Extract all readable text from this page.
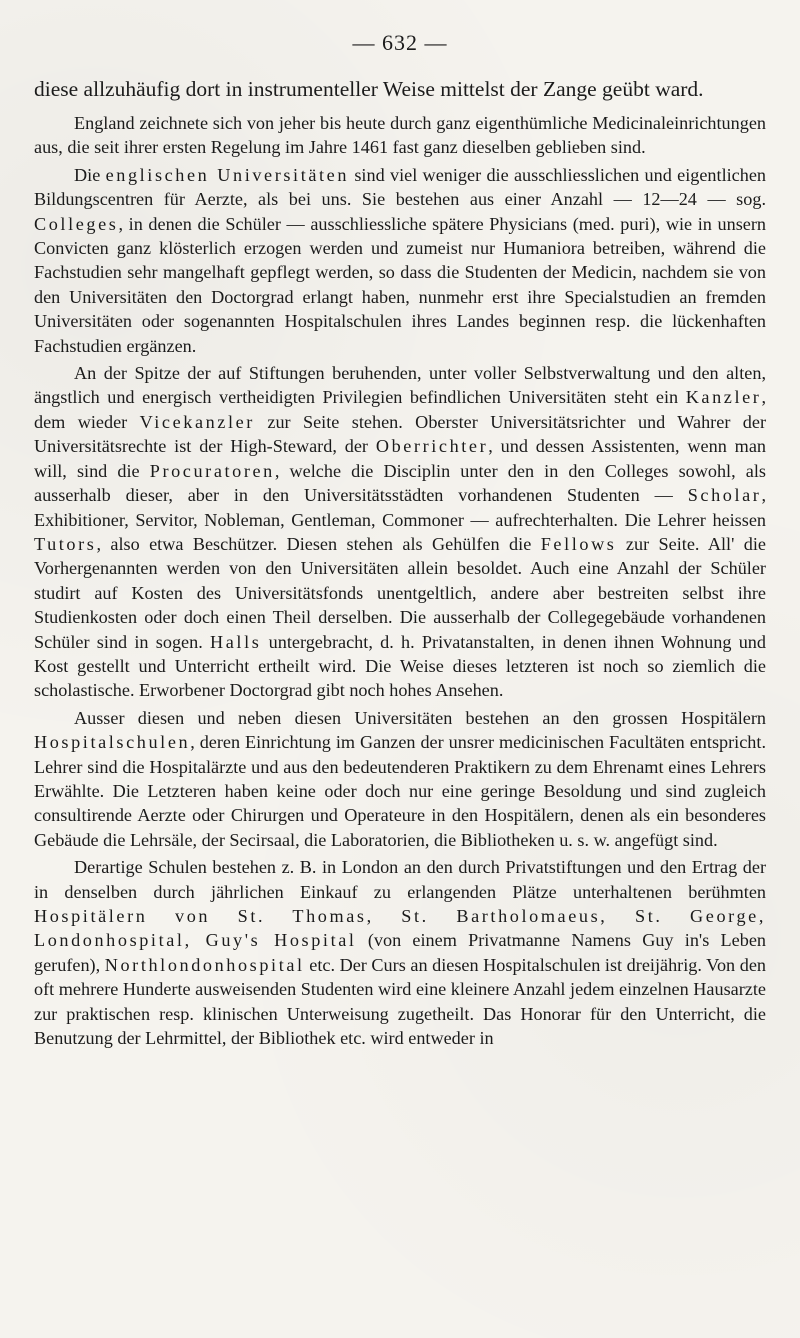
— 632 —

diese allzuhäufig dort in instrumenteller Weise mittelst der Zange geübt ward.

England zeichnete sich von jeher bis heute durch ganz eigenthümliche Medicinaleinrichtungen aus, die seit ihrer ersten Regelung im Jahre 1461 fast ganz dieselben geblieben sind.

Die englischen Universitäten sind viel weniger die ausschliesslichen und eigentlichen Bildungscentren für Aerzte, als bei uns. Sie bestehen aus einer Anzahl — 12—24 — sog. Colleges, in denen die Schüler — ausschliessliche spätere Physicians (med. puri), wie in unsern Convicten ganz klösterlich erzogen werden und zumeist nur Humaniora betreiben, während die Fachstudien sehr mangelhaft gepflegt werden, so dass die Studenten der Medicin, nachdem sie von den Universitäten den Doctorgrad erlangt haben, nunmehr erst ihre Specialstudien an fremden Universitäten oder sogenannten Hospitalschulen ihres Landes beginnen resp. die lückenhaften Fachstudien ergänzen.

An der Spitze der auf Stiftungen beruhenden, unter voller Selbstverwaltung und den alten, ängstlich und energisch vertheidigten Privilegien befindlichen Universitäten steht ein Kanzler, dem wieder Vicekanzler zur Seite stehen. Oberster Universitätsrichter und Wahrer der Universitätsrechte ist der High-Steward, der Oberrichter, und dessen Assistenten, wenn man will, sind die Procuratoren, welche die Disciplin unter den in den Colleges sowohl, als ausserhalb dieser, aber in den Universitätsstädten vorhandenen Studenten — Scholar, Exhibitioner, Servitor, Nobleman, Gentleman, Commoner — aufrechterhalten. Die Lehrer heissen Tutors, also etwa Beschützer. Diesen stehen als Gehülfen die Fellows zur Seite. All' die Vorhergenannten werden von den Universitäten allein besoldet. Auch eine Anzahl der Schüler studirt auf Kosten des Universitätsfonds unentgeltlich, andere aber bestreiten selbst ihre Studienkosten oder doch einen Theil derselben. Die ausserhalb der Collegegebäude vorhandenen Schüler sind in sogen. Halls untergebracht, d. h. Privatanstalten, in denen ihnen Wohnung und Kost gestellt und Unterricht ertheilt wird. Die Weise dieses letzteren ist noch so ziemlich die scholastische. Erworbener Doctorgrad gibt noch hohes Ansehen.

Ausser diesen und neben diesen Universitäten bestehen an den grossen Hospitälern Hospitalschulen, deren Einrichtung im Ganzen der unsrer medicinischen Facultäten entspricht. Lehrer sind die Hospitalärzte und aus den bedeutenderen Praktikern zu dem Ehrenamt eines Lehrers Erwählte. Die Letzteren haben keine oder doch nur eine geringe Besoldung und sind zugleich consultirende Aerzte oder Chirurgen und Operateure in den Hospitälern, denen als ein besonderes Gebäude die Lehrsäle, der Secirsaal, die Laboratorien, die Bibliotheken u. s. w. angefügt sind.

Derartige Schulen bestehen z. B. in London an den durch Privatstiftungen und den Ertrag der in denselben durch jährlichen Einkauf zu erlangenden Plätze unterhaltenen berühmten Hospitälern von St. Thomas, St. Bartholomaeus, St. George, Londonhospital, Guy's Hospital (von einem Privatmanne Namens Guy in's Leben gerufen), Northlondonhospital etc. Der Curs an diesen Hospitalschulen ist dreijährig. Von den oft mehrere Hunderte ausweisenden Studenten wird eine kleinere Anzahl jedem einzelnen Hausarzte zur praktischen resp. klinischen Unterweisung zugetheilt. Das Honorar für den Unterricht, die Benutzung der Lehrmittel, der Bibliothek etc. wird entweder in
